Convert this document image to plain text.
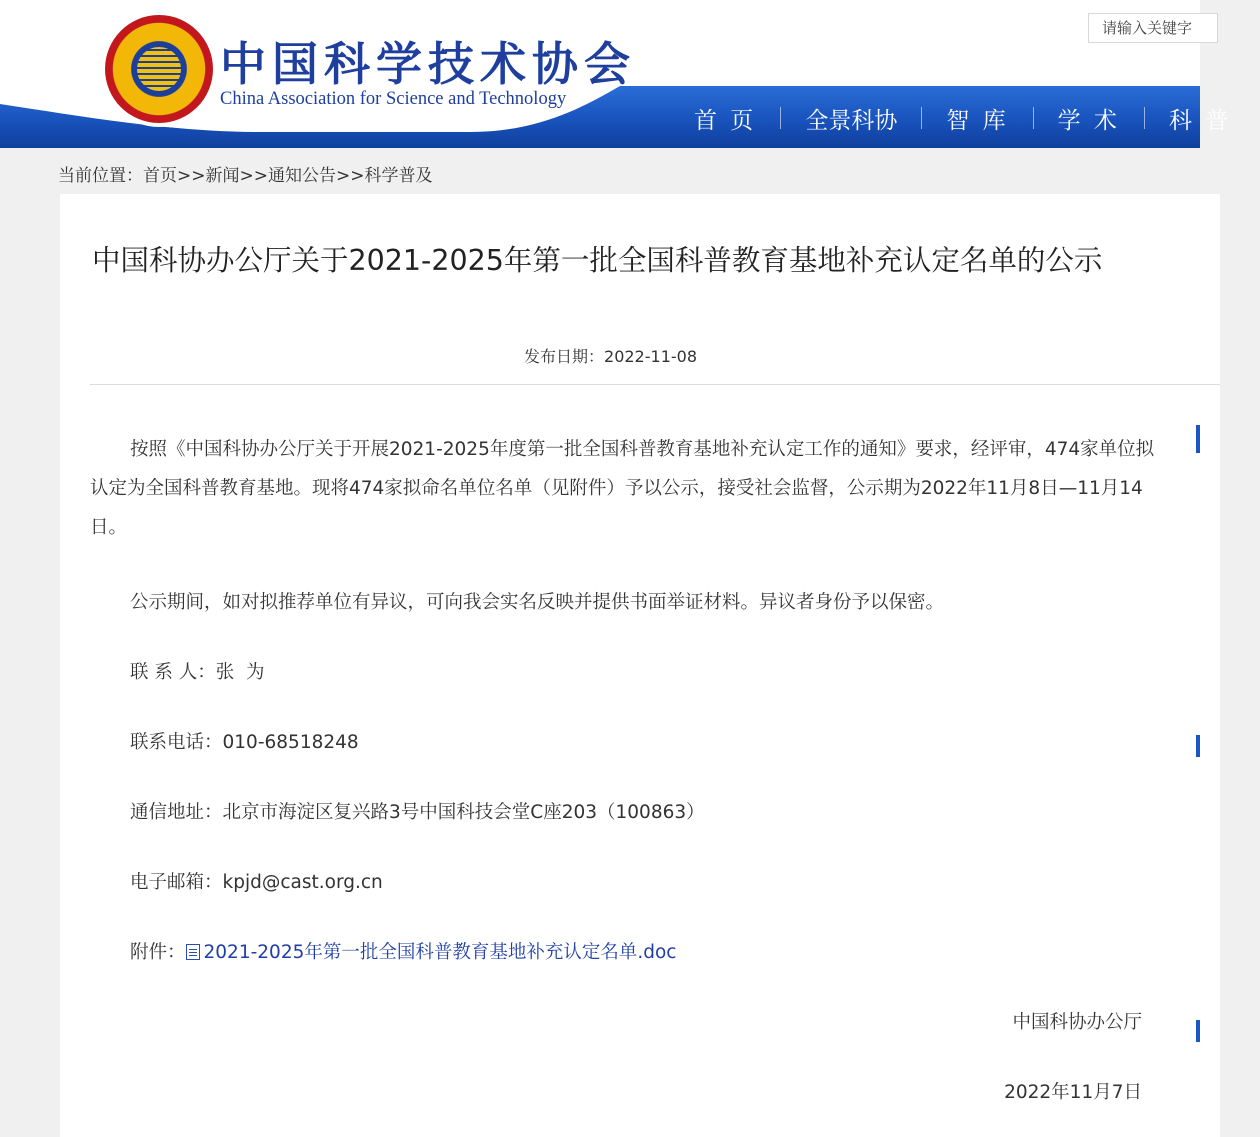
中国科学技术协会
China Association for Science and Technology
请输入关键字
首 页	全景科协	智 库	学 术	科 普
当前位置：首页>>新闻>>通知公告>>科学普及
中国科协办公厅关于2021-2025年第一批全国科普教育基地补充认定名单的公示
发布日期：2022-11-08
按照《中国科协办公厅关于开展2021-2025年度第一批全国科普教育基地补充认定工作的通知》要求，经评审，474家单位拟认定为全国科普教育基地。现将474家拟命名单位名单（见附件）予以公示，接受社会监督，公示期为2022年11月8日—11月14日。
公示期间，如对拟推荐单位有异议，可向我会实名反映并提供书面举证材料。异议者身份予以保密。
联 系 人：张  为
联系电话：010-68518248
通信地址：北京市海淀区复兴路3号中国科技会堂C座203（100863）
电子邮箱：kpjd@cast.org.cn
附件： 2021-2025年第一批全国科普教育基地补充认定名单.doc
中国科协办公厅
2022年11月7日
